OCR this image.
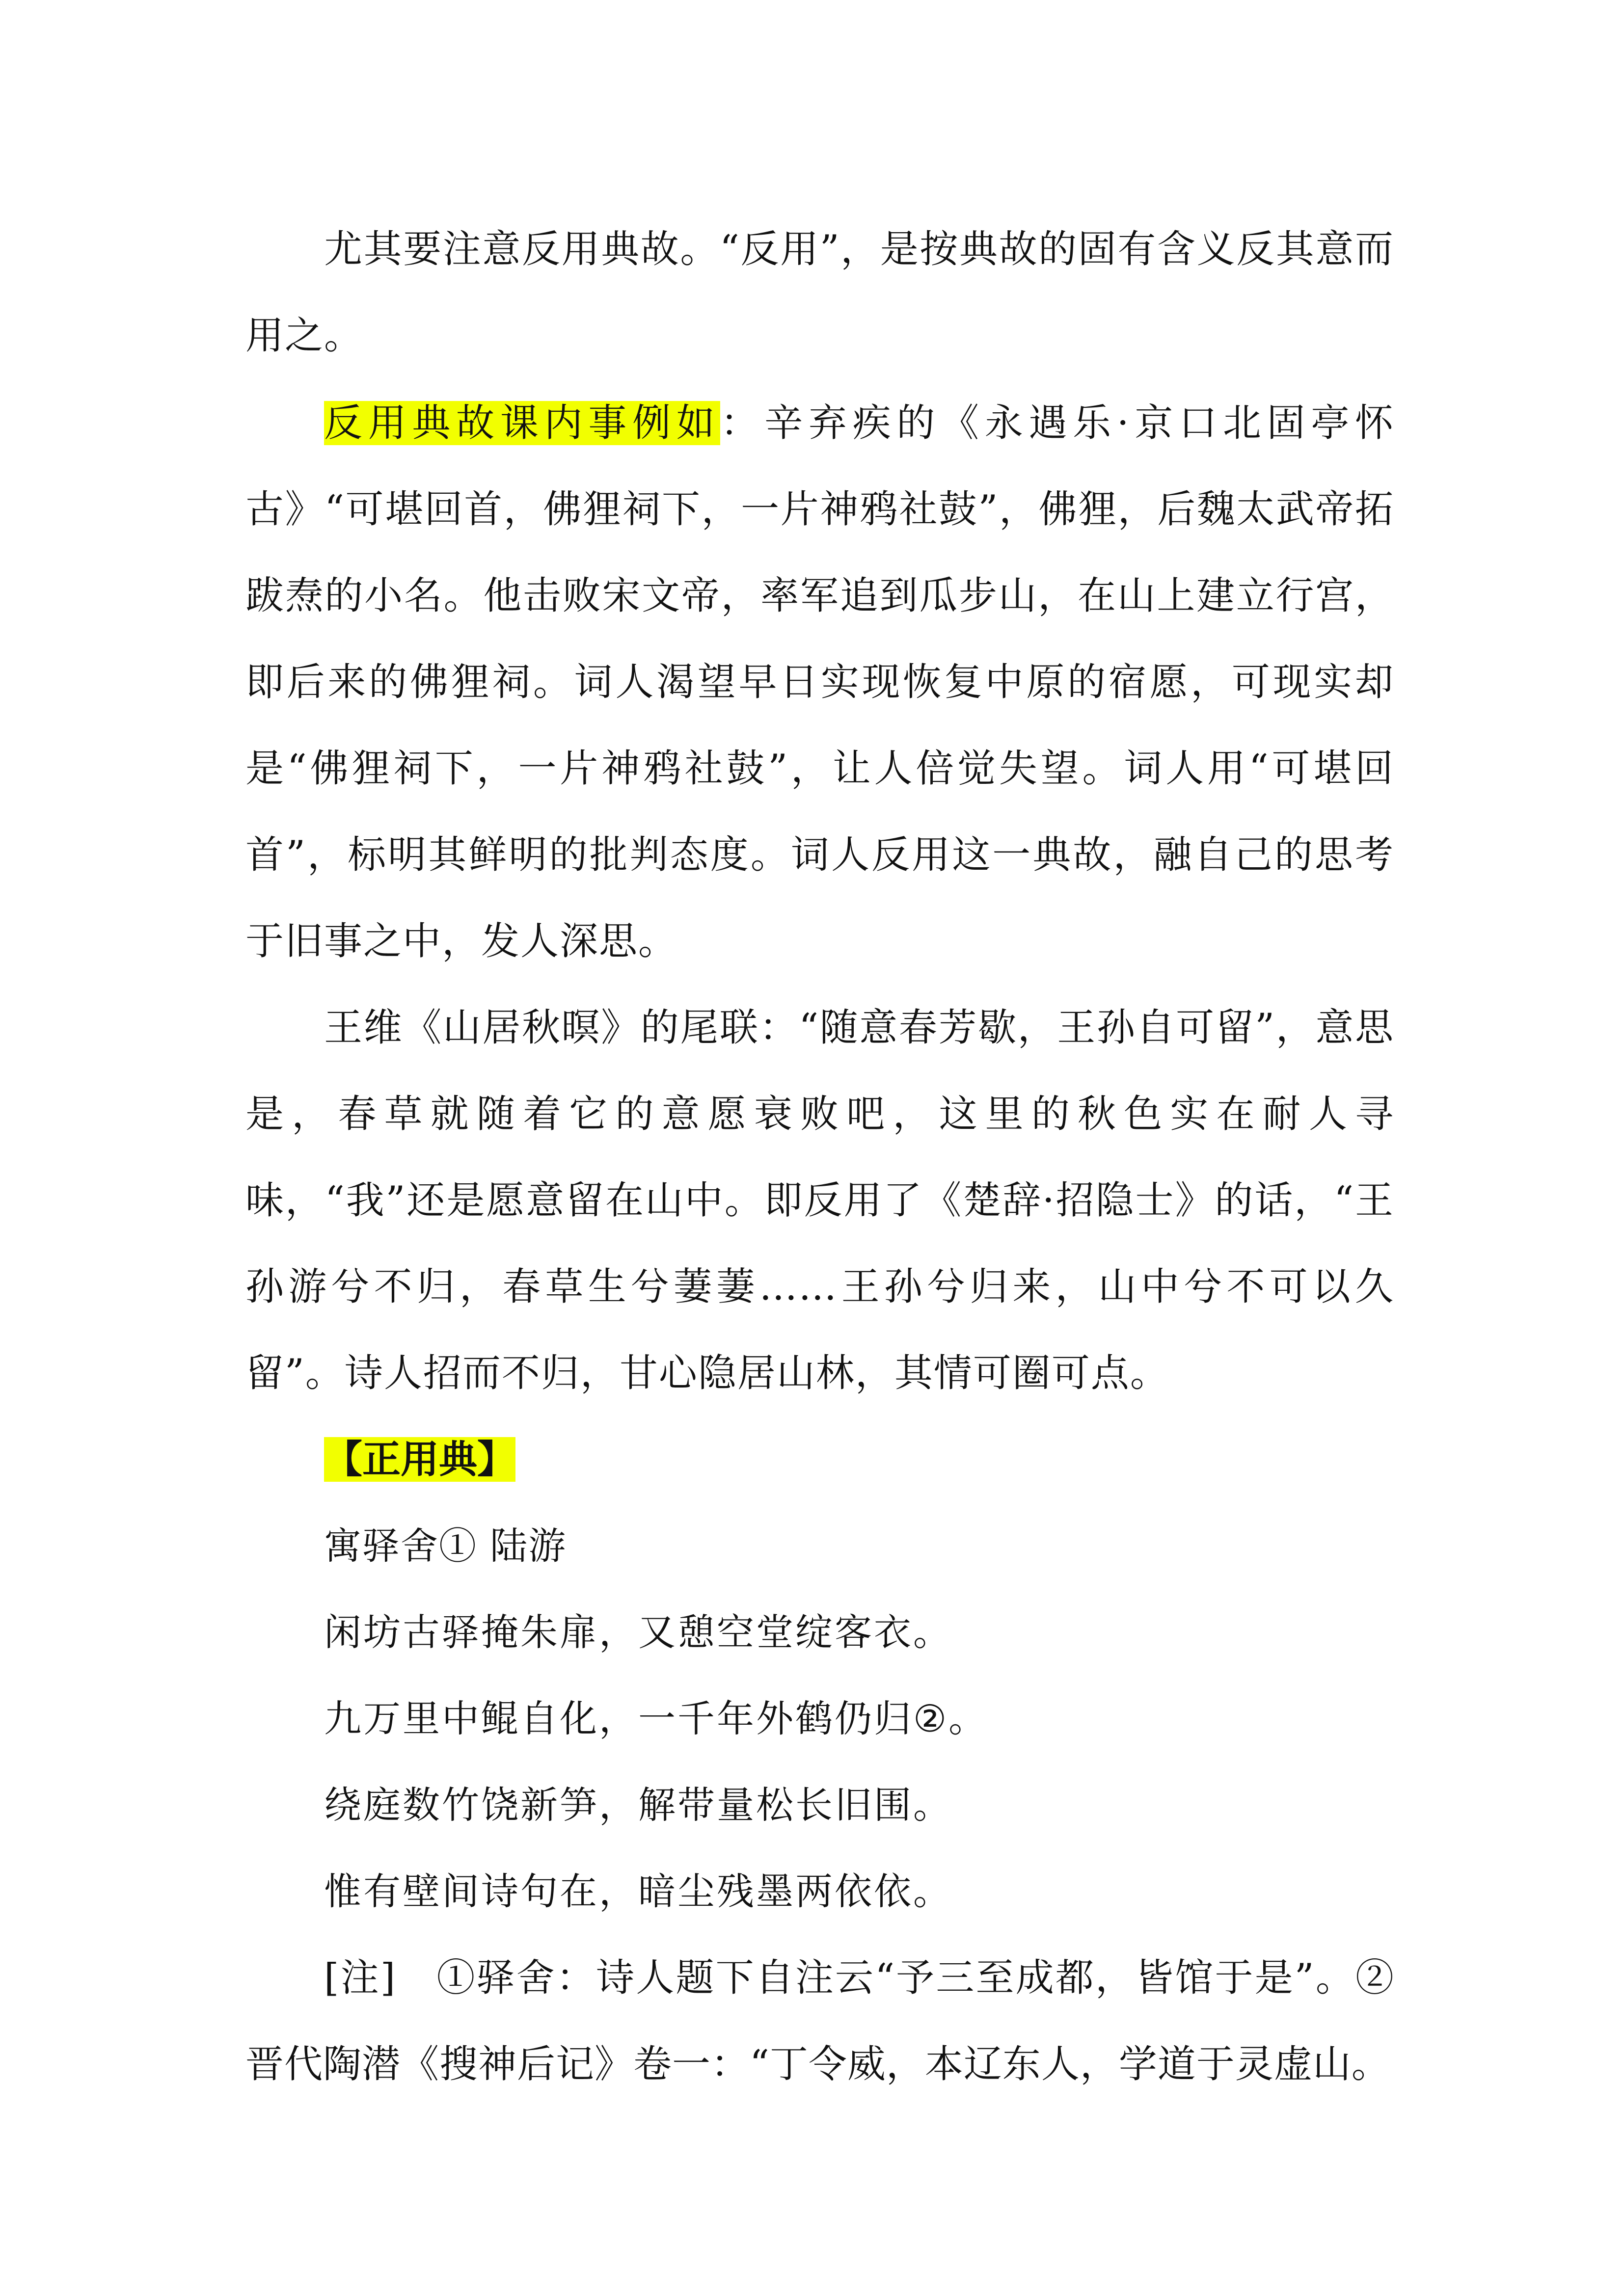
尤其要注意反用典故。“反用”，是按典故的固有含义反其意而用之。

反用典故课内事例如：辛弃疾的《永遇乐·京口北固亭怀古》“可堪回首，佛狸祠下，一片神鸦社鼓”，佛狸，后魏太武帝拓跋焘的小名。他击败宋文帝，率军追到瓜步山，在山上建立行宫，即后来的佛狸祠。词人渴望早日实现恢复中原的宿愿，可现实却是“佛狸祠下，一片神鸦社鼓”，让人倍觉失望。词人用“可堪回首”，标明其鲜明的批判态度。词人反用这一典故，融自己的思考于旧事之中，发人深思。

王维《山居秋暝》的尾联：“随意春芳歇，王孙自可留”，意思是，春草就随着它的意愿衰败吧，这里的秋色实在耐人寻味，“我”还是愿意留在山中。即反用了《楚辞·招隐士》的话，“王孙游兮不归，春草生兮萋萋……王孙兮归来，山中兮不可以久留”。诗人招而不归，甘心隐居山林，其情可圈可点。

【正用典】

寓驿舍① 陆游

闲坊古驿掩朱扉，又憩空堂绽客衣。

九万里中鲲自化，一千年外鹤仍归②。

绕庭数竹饶新笋，解带量松长旧围。

惟有壁间诗句在，暗尘残墨两依依。

[注]　①驿舍：诗人题下自注云“予三至成都，皆馆于是”。②晋代陶潜《搜神后记》卷一：“丁令威，本辽东人，学道于灵虚山。
